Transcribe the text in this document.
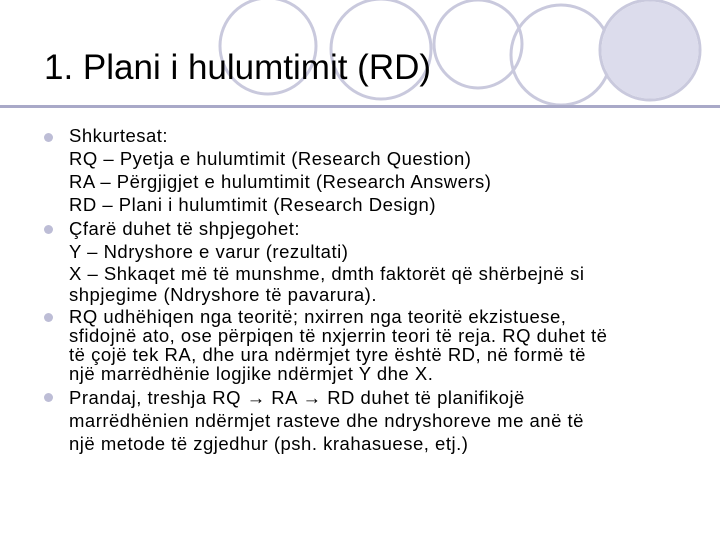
1. Plani i hulumtimit (RD)
Shkurtesat:
RQ – Pyetja e hulumtimit (Research Question)
RA – Përgjigjet e hulumtimit (Research Answers)
RD – Plani i hulumtimit (Research Design)
Çfarë duhet të shpjegohet:
Y – Ndryshore e varur (rezultati)
X – Shkaqet më të munshme, dmth faktorët që shërbejnë si
shpjegime (Ndryshore të pavarura).
RQ udhëhiqen nga teoritë; nxirren nga teoritë ekzistuese,
sfidojnë ato, ose përpiqen të nxjerrin teori të reja. RQ duhet të
të çojë tek RA, dhe ura ndërmjet tyre është RD, në formë të
një marrëdhënie logjike ndërmjet Y dhe X.
Prandaj, treshja RQ → RA → RD duhet të planifikojë
marrëdhënien ndërmjet rasteve dhe ndryshoreve me anë të
një metode të zgjedhur (psh. krahasuese, etj.)
